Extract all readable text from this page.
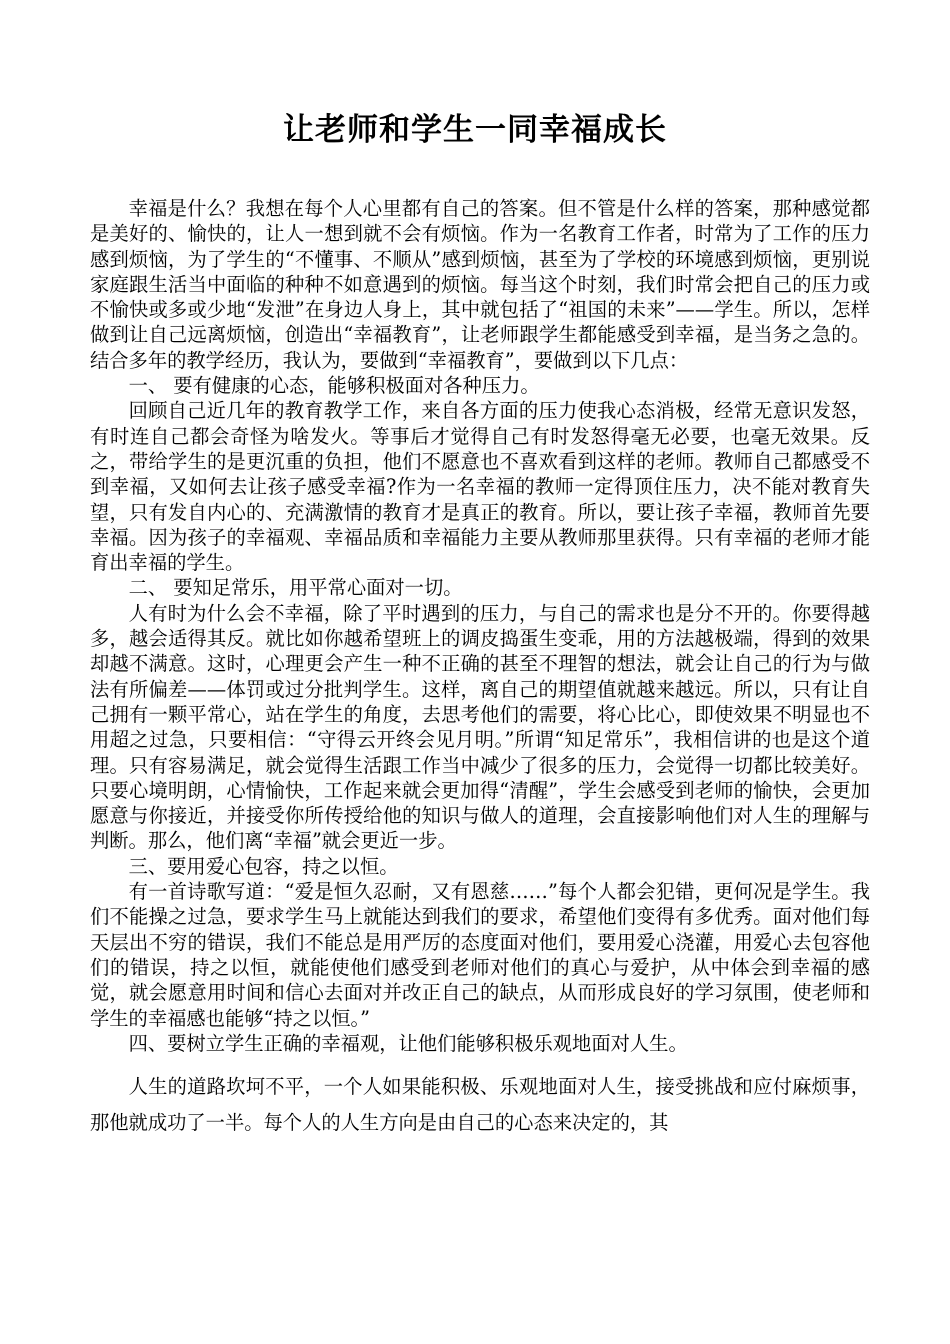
让老师和学生一同幸福成长

幸福是什么？我想在每个人心里都有自己的答案。但不管是什么样的答案，那种感觉都是美好的、愉快的，让人一想到就不会有烦恼。作为一名教育工作者，时常为了工作的压力感到烦恼，为了学生的“不懂事、不顺从”感到烦恼，甚至为了学校的环境感到烦恼，更别说家庭跟生活当中面临的种种不如意遇到的烦恼。每当这个时刻，我们时常会把自己的压力或不愉快或多或少地“发泄”在身边人身上，其中就包括了“祖国的未来”——学生。所以，怎样做到让自己远离烦恼，创造出“幸福教育”，让老师跟学生都能感受到幸福，是当务之急的。结合多年的教学经历，我认为，要做到“幸福教育”，要做到以下几点：

一、 要有健康的心态，能够积极面对各种压力。

回顾自己近几年的教育教学工作，来自各方面的压力使我心态消极，经常无意识发怒，有时连自己都会奇怪为啥发火。等事后才觉得自己有时发怒得毫无必要，也毫无效果。反之，带给学生的是更沉重的负担，他们不愿意也不喜欢看到这样的老师。教师自己都感受不到幸福，又如何去让孩子感受幸福?作为一名幸福的教师一定得顶住压力，决不能对教育失望，只有发自内心的、充满激情的教育才是真正的教育。所以，要让孩子幸福，教师首先要幸福。因为孩子的幸福观、幸福品质和幸福能力主要从教师那里获得。只有幸福的老师才能育出幸福的学生。

二、 要知足常乐，用平常心面对一切。

人有时为什么会不幸福，除了平时遇到的压力，与自己的需求也是分不开的。你要得越多，越会适得其反。就比如你越希望班上的调皮捣蛋生变乖，用的方法越极端，得到的效果却越不满意。这时，心理更会产生一种不正确的甚至不理智的想法，就会让自己的行为与做法有所偏差——体罚或过分批判学生。这样，离自己的期望值就越来越远。所以，只有让自己拥有一颗平常心，站在学生的角度，去思考他们的需要，将心比心，即使效果不明显也不用超之过急，只要相信：“守得云开终会见月明。”所谓“知足常乐”，我相信讲的也是这个道理。只有容易满足，就会觉得生活跟工作当中减少了很多的压力，会觉得一切都比较美好。只要心境明朗，心情愉快，工作起来就会更加得“清醒”，学生会感受到老师的愉快，会更加愿意与你接近，并接受你所传授给他的知识与做人的道理，会直接影响他们对人生的理解与判断。那么，他们离“幸福”就会更近一步。

三、要用爱心包容，持之以恒。

有一首诗歌写道：“爱是恒久忍耐，又有恩慈……”每个人都会犯错，更何况是学生。我们不能操之过急，要求学生马上就能达到我们的要求，希望他们变得有多优秀。面对他们每天层出不穷的错误，我们不能总是用严厉的态度面对他们，要用爱心浇灌，用爱心去包容他们的错误，持之以恒，就能使他们感受到老师对他们的真心与爱护，从中体会到幸福的感觉，就会愿意用时间和信心去面对并改正自己的缺点，从而形成良好的学习氛围，使老师和学生的幸福感也能够“持之以恒。”

四、要树立学生正确的幸福观，让他们能够积极乐观地面对人生。

人生的道路坎坷不平，一个人如果能积极、乐观地面对人生，接受挑战和应付麻烦事，那他就成功了一半。每个人的人生方向是由自己的心态来决定的，其
